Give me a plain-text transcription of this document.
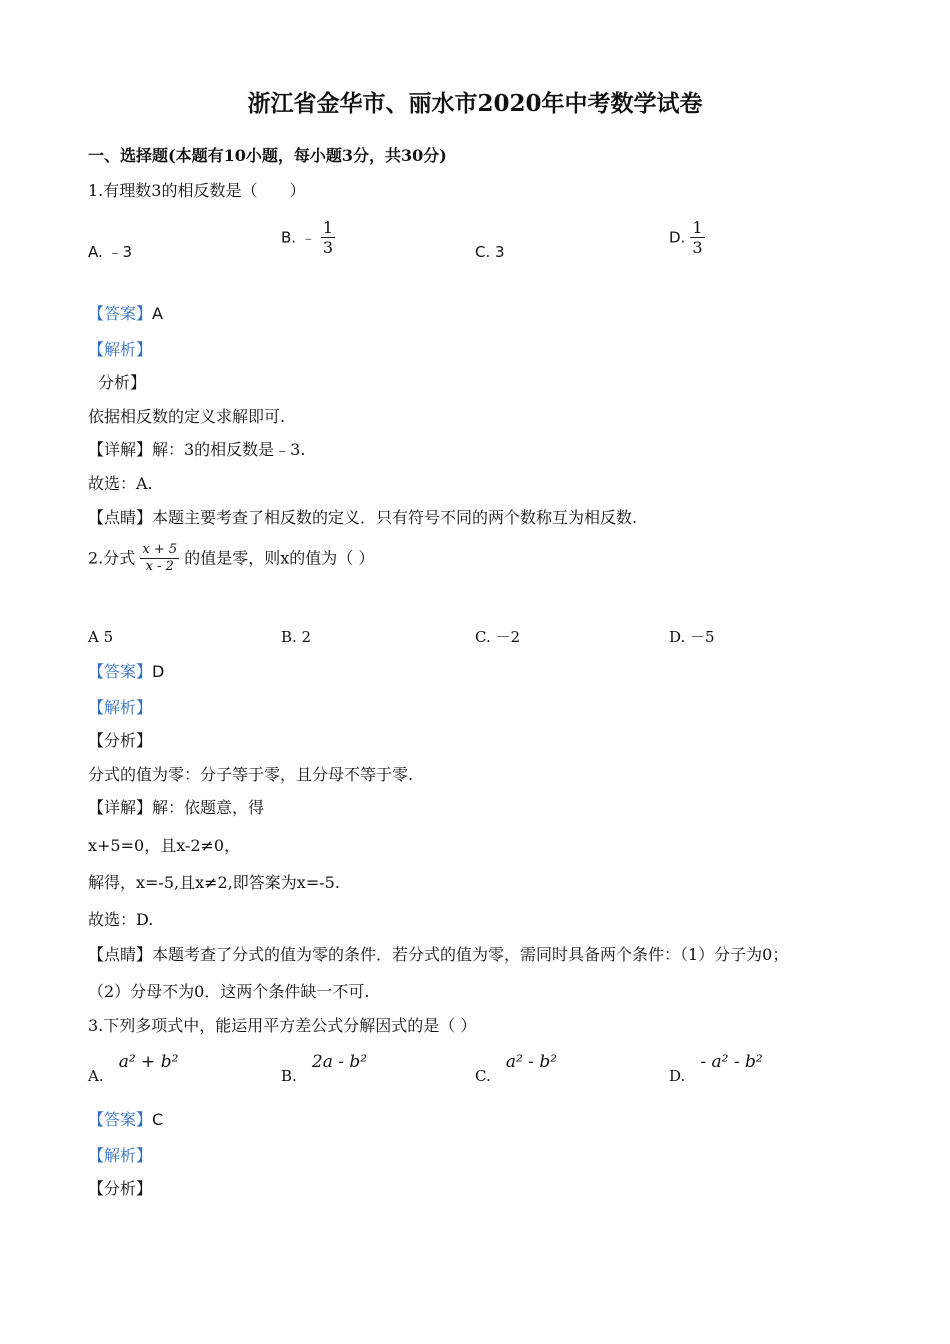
浙江省金华市、丽水市2020年中考数学试卷
一、选择题(本题有10小题，每小题3分，共30分)
1.有理数3的相反数是（　　）
A. ﹣3
B. ﹣ $\frac{1}{3}$	C. 3
D. $\frac{1}{3}$
【答案】A
【解析】
分析】
依据相反数的定义求解即可.
【详解】解：3的相反数是﹣3.
故选：A.
【点睛】本题主要考查了相反数的定义．只有符号不同的两个数称互为相反数.
2.分式 $\frac{x + 5}{x - 2}$ 的值是零，则x的值为（ ）
A 5	B. 2	C. －2	D. －5
【答案】D
【解析】
【分析】
分式的值为零：分子等于零，且分母不等于零.
【详解】解：依题意，得
x+5=0，且x-2≠0，
解得，x=-5,且x≠2,即答案为x=-5.
故选：D.
【点睛】本题考查了分式的值为零的条件．若分式的值为零，需同时具备两个条件：（1）分子为0；
（2）分母不为0．这两个条件缺一不可.
3.下列多项式中，能运用平方差公式分解因式的是（ ）
A. a² + b²
B. 2a - b²
C. a² - b²
D. - a² - b²
【答案】C
【解析】
【分析】
